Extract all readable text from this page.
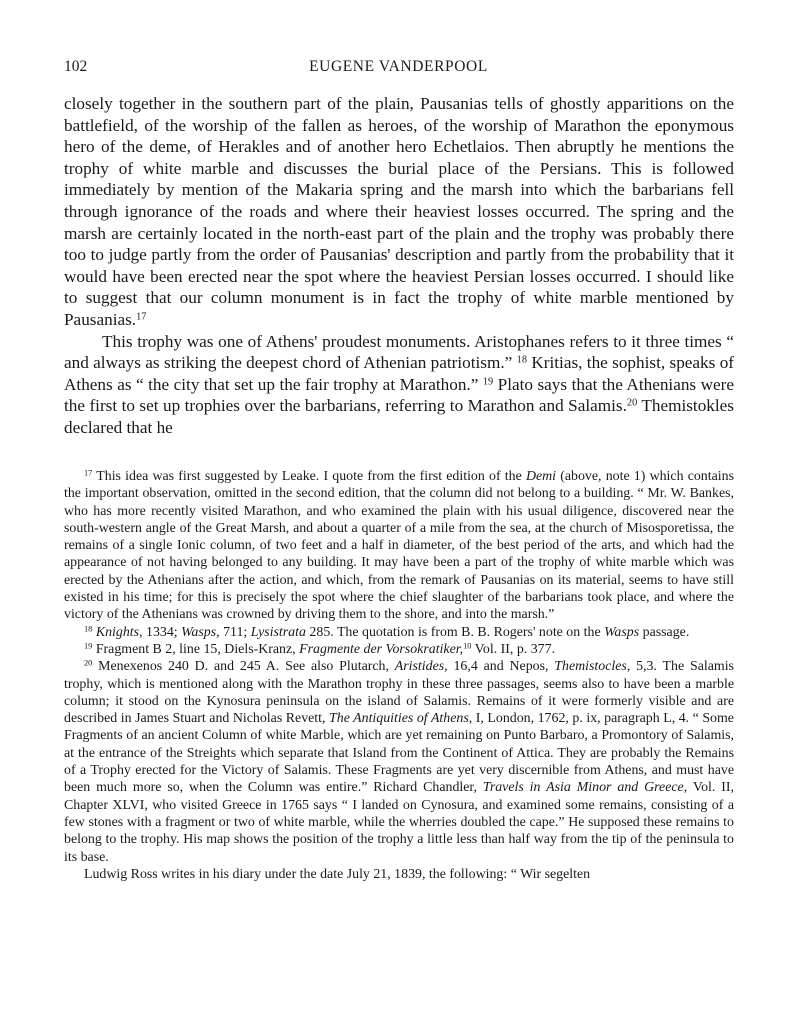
102	EUGENE VANDERPOOL

closely together in the southern part of the plain, Pausanias tells of ghostly apparitions on the battlefield, of the worship of the fallen as heroes, of the worship of Marathon the eponymous hero of the deme, of Herakles and of another hero Echetlaios. Then abruptly he mentions the trophy of white marble and discusses the burial place of the Persians. This is followed immediately by mention of the Makaria spring and the marsh into which the barbarians fell through ignorance of the roads and where their heaviest losses occurred. The spring and the marsh are certainly located in the north-east part of the plain and the trophy was probably there too to judge partly from the order of Pausanias' description and partly from the probability that it would have been erected near the spot where the heaviest Persian losses occurred. I should like to suggest that our column monument is in fact the trophy of white marble mentioned by Pausanias.$^{17}$

This trophy was one of Athens' proudest monuments. Aristophanes refers to it three times “ and always as striking the deepest chord of Athenian patriotism.” $^{18}$ Kritias, the sophist, speaks of Athens as “ the city that set up the fair trophy at Marathon.” $^{19}$ Plato says that the Athenians were the first to set up trophies over the barbarians, referring to Marathon and Salamis.$^{20}$ Themistokles declared that he

$^{17}$ This idea was first suggested by Leake. I quote from the first edition of the Demi (above, note 1) which contains the important observation, omitted in the second edition, that the column did not belong to a building. “ Mr. W. Bankes, who has more recently visited Marathon, and who examined the plain with his usual diligence, discovered near the south-western angle of the Great Marsh, and about a quarter of a mile from the sea, at the church of Misosporetissa, the remains of a single Ionic column, of two feet and a half in diameter, of the best period of the arts, and which had the appearance of not having belonged to any building. It may have been a part of the trophy of white marble which was erected by the Athenians after the action, and which, from the remark of Pausanias on its material, seems to have still existed in his time; for this is precisely the spot where the chief slaughter of the barbarians took place, and where the victory of the Athenians was crowned by driving them to the shore, and into the marsh.”

$^{18}$ Knights, 1334; Wasps, 711; Lysistrata 285. The quotation is from B. B. Rogers' note on the Wasps passage.

$^{19}$ Fragment B 2, line 15, Diels-Kranz, Fragmente der Vorsokratiker,$^{10}$ Vol. II, p. 377.

$^{20}$ Menexenos 240 D. and 245 A. See also Plutarch, Aristides, 16,4 and Nepos, Themistocles, 5,3. The Salamis trophy, which is mentioned along with the Marathon trophy in these three passages, seems also to have been a marble column; it stood on the Kynosura peninsula on the island of Salamis. Remains of it were formerly visible and are described in James Stuart and Nicholas Revett, The Antiquities of Athens, I, London, 1762, p. ix, paragraph L, 4. “ Some Fragments of an ancient Column of white Marble, which are yet remaining on Punto Barbaro, a Promontory of Salamis, at the entrance of the Streights which separate that Island from the Continent of Attica. They are probably the Remains of a Trophy erected for the Victory of Salamis. These Fragments are yet very discernible from Athens, and must have been much more so, when the Column was entire.” Richard Chandler, Travels in Asia Minor and Greece, Vol. II, Chapter XLVI, who visited Greece in 1765 says “ I landed on Cynosura, and examined some remains, consisting of a few stones with a fragment or two of white marble, while the wherries doubled the cape.” He supposed these remains to belong to the trophy. His map shows the position of the trophy a little less than half way from the tip of the peninsula to its base.

Ludwig Ross writes in his diary under the date July 21, 1839, the following: “ Wir segelten
